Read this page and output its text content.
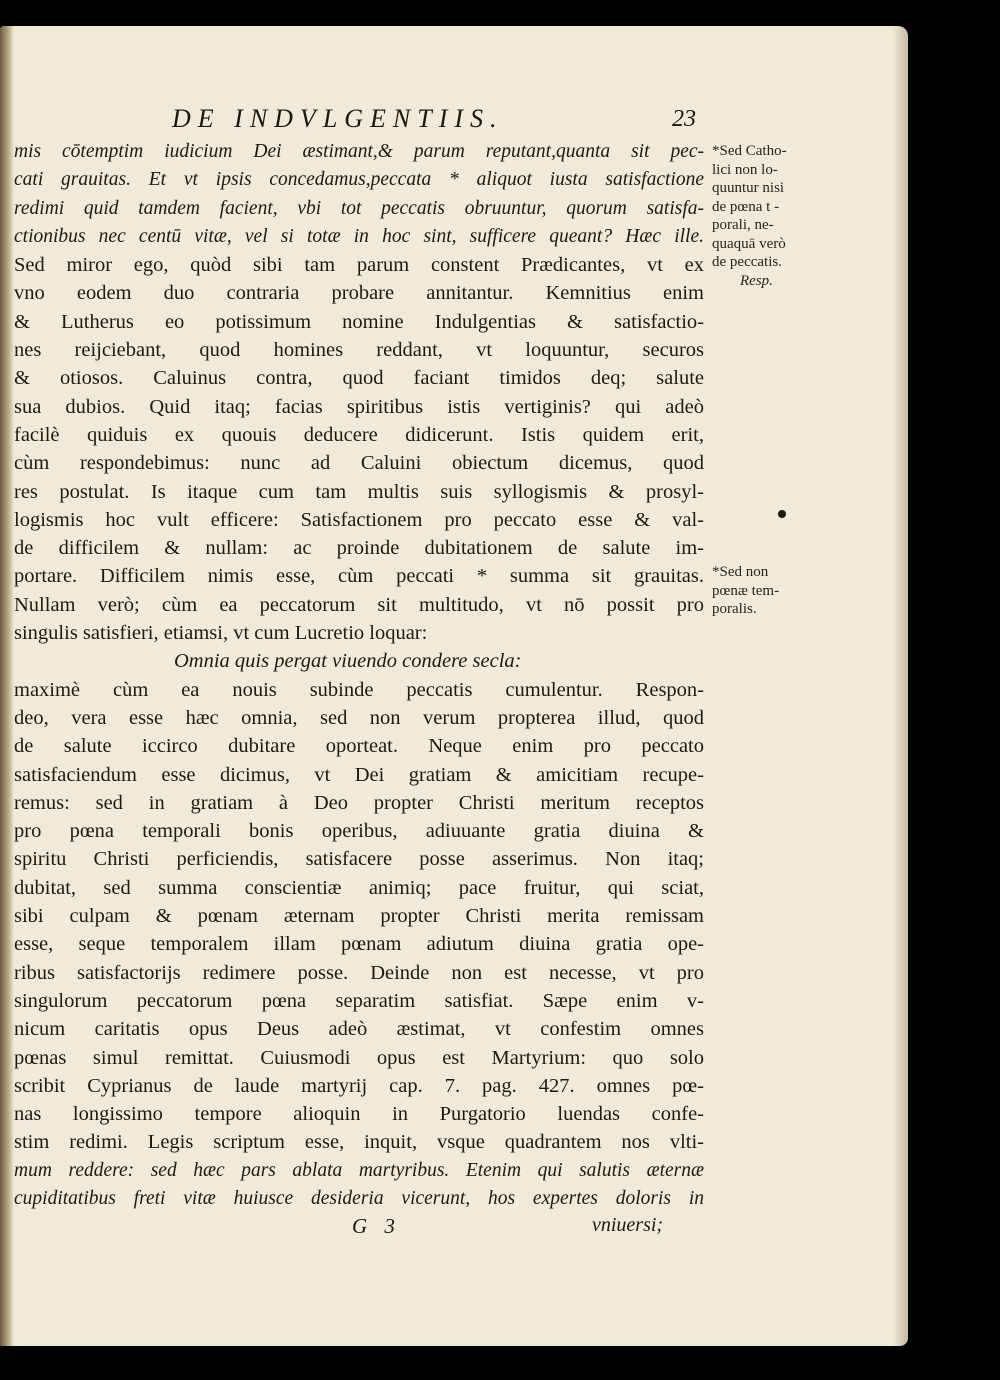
DE INDVLGENTIIS.	23
mis cōtemptim iudicium Dei æstimant,& parum reputant,quanta sit pec-
cati grauitas. Et vt ipsis concedamus,peccata * aliquot iusta satisfactione
redimi quid tamdem facient, vbi tot peccatis obruuntur, quorum satisfa-
ctionibus nec centū vitæ, vel si totæ in hoc sint, sufficere queant? Hæc ille.
Sed miror ego, quòd sibi tam parum constent Prædicantes, vt ex
vno eodem duo contraria probare annitantur. Kemnitius enim
& Lutherus eo potissimum nomine Indulgentias & satisfactio-
nes reijciebant, quod homines reddant, vt loquuntur, securos
& otiosos. Caluinus contra, quod faciant timidos deq; salute
sua dubios. Quid itaq; facias spiritibus istis vertiginis? qui adeò
facilè quiduis ex quouis deducere didicerunt. Istis quidem erit,
cùm respondebimus: nunc ad Caluini obiectum dicemus, quod
res postulat. Is itaque cum tam multis suis syllogismis & prosyl-
logismis hoc vult efficere: Satisfactionem pro peccato esse & val-
de difficilem & nullam: ac proinde dubitationem de salute im-
portare. Difficilem nimis esse, cùm peccati * summa sit grauitas.
Nullam verò; cùm ea peccatorum sit multitudo, vt nō possit pro
singulis satisfieri, etiamsi, vt cum Lucretio loquar:
Omnia quis pergat viuendo condere secla:
maximè cùm ea nouis subinde peccatis cumulentur. Respon-
deo, vera esse hæc omnia, sed non verum propterea illud, quod
de salute iccirco dubitare oporteat. Neque enim pro peccato
satisfaciendum esse dicimus, vt Dei gratiam & amicitiam recupe-
remus: sed in gratiam à Deo propter Christi meritum receptos
pro pœna temporali bonis operibus, adiuuante gratia diuina &
spiritu Christi perficiendis, satisfacere posse asserimus. Non itaq;
dubitat, sed summa conscientiæ animiq; pace fruitur, qui sciat,
sibi culpam & pœnam æternam propter Christi merita remissam
esse, seque temporalem illam pœnam adiutum diuina gratia ope-
ribus satisfactorijs redimere posse. Deinde non est necesse, vt pro
singulorum peccatorum pœna separatim satisfiat. Sæpe enim v-
nicum caritatis opus Deus adeò æstimat, vt confestim omnes
pœnas simul remittat. Cuiusmodi opus est Martyrium: quo solo
scribit Cyprianus de laude martyrij cap. 7. pag. 427. omnes pœ-
nas longissimo tempore alioquin in Purgatorio luendas confe-
stim redimi. Legis scriptum esse, inquit, vsque quadrantem nos vlti-
mum reddere: sed hæc pars ablata martyribus. Etenim qui salutis æternæ
cupiditatibus freti vitæ huiusce desideria vicerunt, hos expertes doloris in
*Sed Catho-
lici non lo-
quuntur nisi
de pœna t -
porali, ne-
quaquā verò
de peccatis.
Resp.
*Sed non
pœnæ tem-
poralis.
G 3	vniuersi;
